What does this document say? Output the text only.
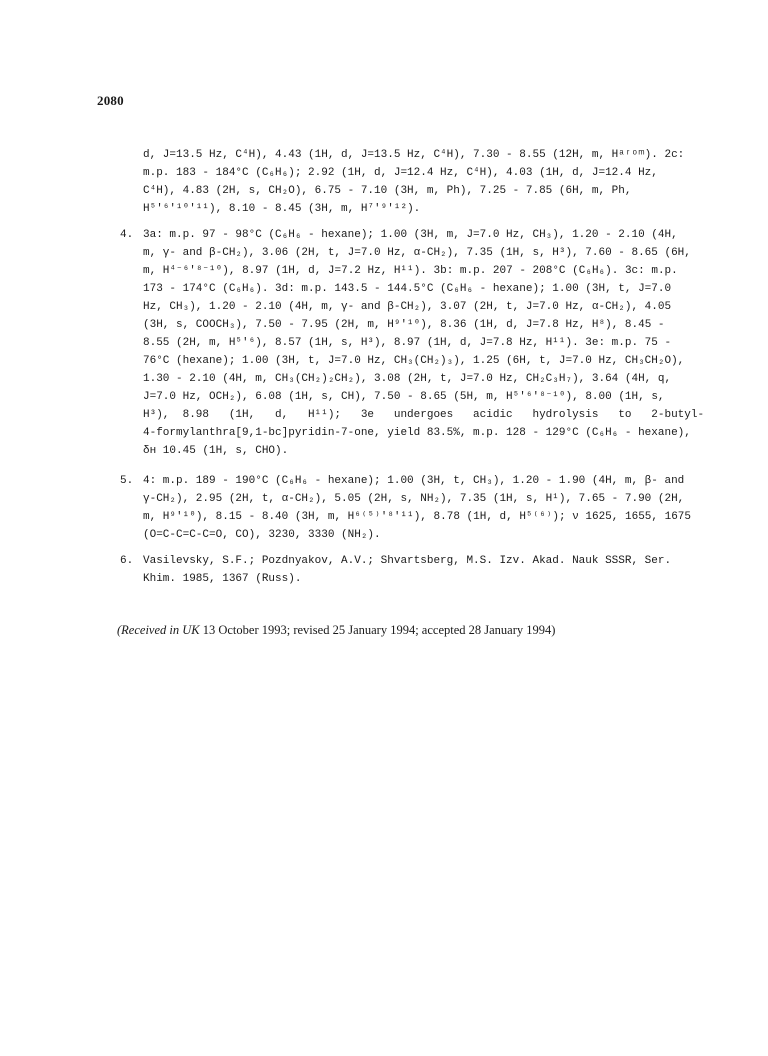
2080
d, J=13.5 Hz, C⁴H), 4.43 (1H, d, J=13.5 Hz, C⁴H), 7.30 - 8.55 (12H, m, Hᵃʳᵒᵐ). 2c:
m.p. 183 - 184°C (C₆H₆); 2.92 (1H, d, J=12.4 Hz, C⁴H), 4.03 (1H, d, J=12.4 Hz,
C⁴H), 4.83 (2H, s, CH₂O), 6.75 - 7.10 (3H, m, Ph), 7.25 - 7.85 (6H, m, Ph,
H⁵ʹ⁶ʹ¹⁰ʹ¹¹), 8.10 - 8.45 (3H, m, H⁷ʹ⁹ʹ¹²).
4. 3a: m.p. 97 - 98°C (C₆H₆ - hexane); 1.00 (3H, m, J=7.0 Hz, CH₃), 1.20 - 2.10 (4H,
m, γ- and β-CH₂), 3.06 (2H, t, J=7.0 Hz, α-CH₂), 7.35 (1H, s, H³), 7.60 - 8.65 (6H,
m, H⁴⁻⁶ʹ⁸⁻¹⁰), 8.97 (1H, d, J=7.2 Hz, H¹¹). 3b: m.p. 207 - 208°C (C₆H₆). 3c: m.p.
173 - 174°C (C₆H₆). 3d: m.p. 143.5 - 144.5°C (C₆H₆ - hexane); 1.00 (3H, t, J=7.0
Hz, CH₃), 1.20 - 2.10 (4H, m, γ- and β-CH₂), 3.07 (2H, t, J=7.0 Hz, α-CH₂), 4.05
(3H, s, COOCH₃), 7.50 - 7.95 (2H, m, H⁹ʹ¹⁰), 8.36 (1H, d, J=7.8 Hz, H⁸), 8.45 -
8.55 (2H, m, H⁵ʹ⁶), 8.57 (1H, s, H³), 8.97 (1H, d, J=7.8 Hz, H¹¹). 3e: m.p. 75 -
76°C (hexane); 1.00 (3H, t, J=7.0 Hz, CH₃(CH₂)₃), 1.25 (6H, t, J=7.0 Hz, CH₃CH₂O),
1.30 - 2.10 (4H, m, CH₃(CH₂)₂CH₂), 3.08 (2H, t, J=7.0 Hz, CH₂C₃H₇), 3.64 (4H, q,
J=7.0 Hz, OCH₂), 6.08 (1H, s, CH), 7.50 - 8.65 (5H, m, H⁵ʹ⁶ʹ⁸⁻¹⁰), 8.00 (1H, s,
H³),  8.98   (1H,   d,   H¹¹);   3e   undergoes   acidic   hydrolysis   to   2-butyl-
4-formylanthra[9,1-bc]pyridin-7-one, yield 83.5%, m.p. 128 - 129°C (C₆H₆ - hexane),
δʜ 10.45 (1H, s, CHO).
5. 4: m.p. 189 - 190°C (C₆H₆ - hexane); 1.00 (3H, t, CH₃), 1.20 - 1.90 (4H, m, β- and
γ-CH₂), 2.95 (2H, t, α-CH₂), 5.05 (2H, s, NH₂), 7.35 (1H, s, H¹), 7.65 - 7.90 (2H,
m, H⁹ʹ¹⁰), 8.15 - 8.40 (3H, m, H⁶⁽⁵⁾ʹ⁸ʹ¹¹), 8.78 (1H, d, H⁵⁽⁶⁾); ν 1625, 1655, 1675
(O=C-C=C-C=O, CO), 3230, 3330 (NH₂).
6. Vasilevsky, S.F.; Pozdnyakov, A.V.; Shvartsberg, M.S. Izv. Akad. Nauk SSSR, Ser.
Khim. 1985, 1367 (Russ).
(Received in UK 13 October 1993; revised 25 January 1994; accepted 28 January 1994)
